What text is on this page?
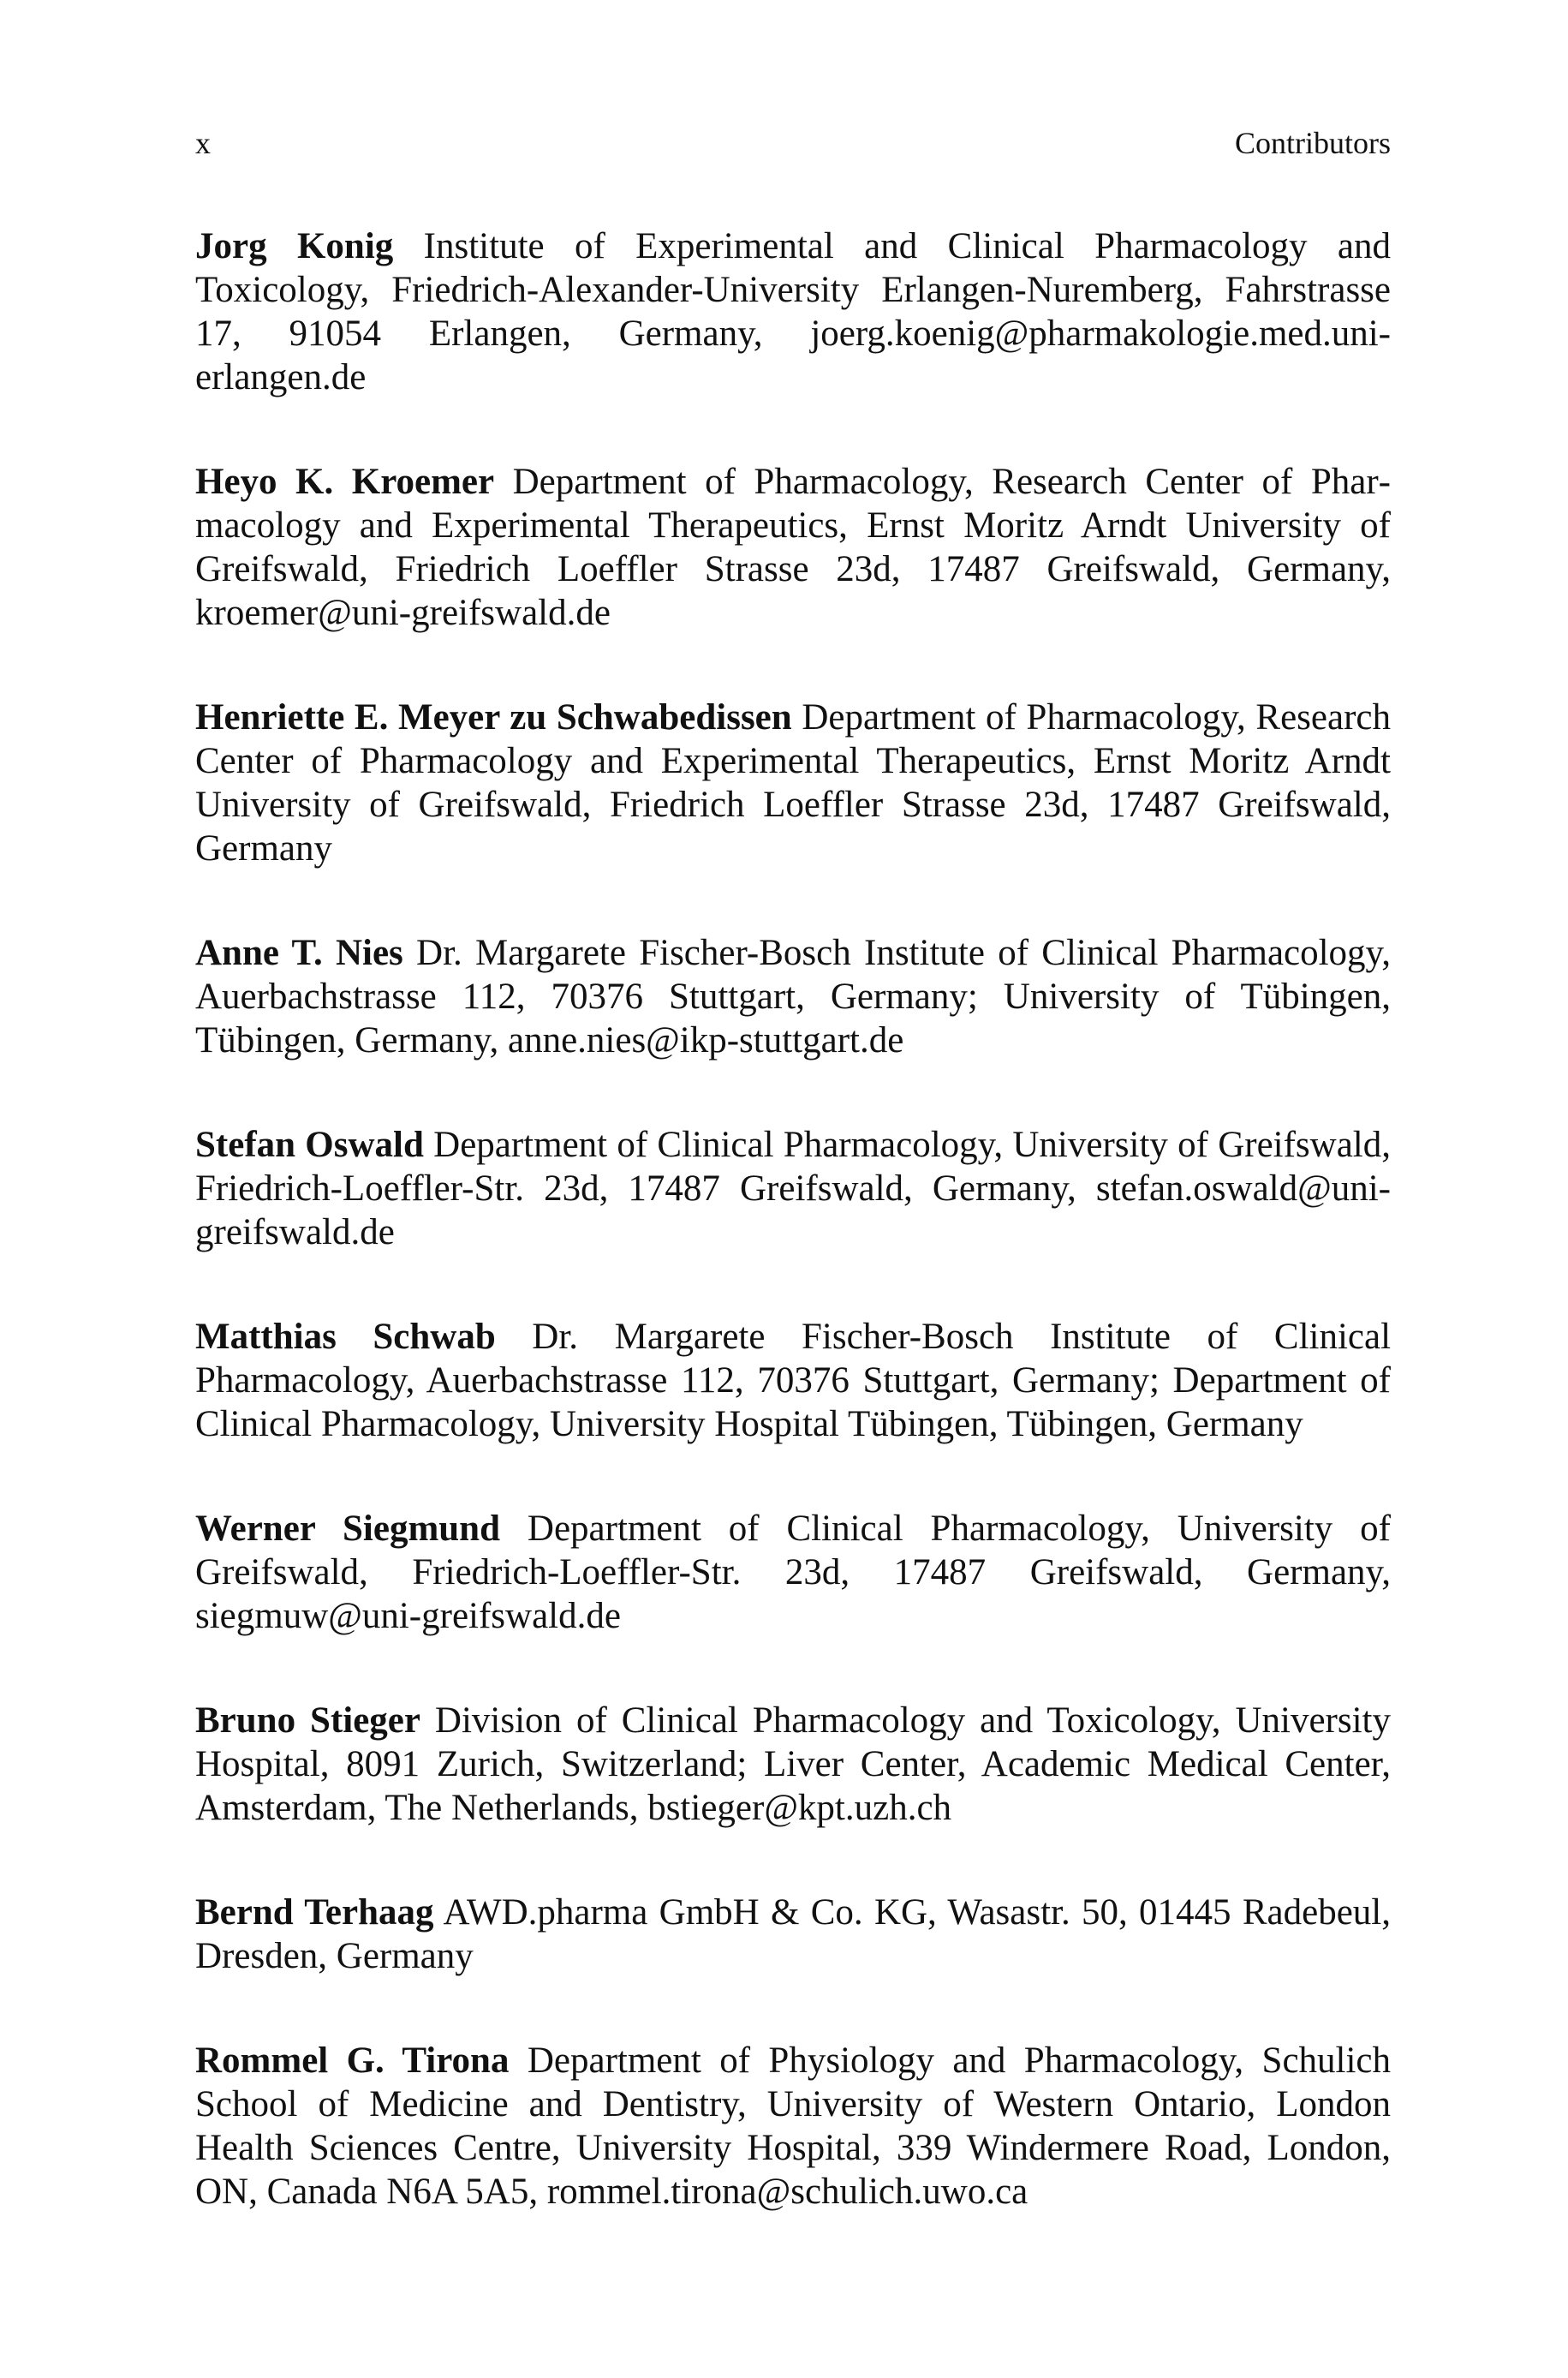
x	Contributors

Jorg Konig Institute of Experimental and Clinical Pharmacology and Toxicology, Friedrich-Alexander-University Erlangen-Nuremberg, Fahrstrasse 17, 91054 Erlangen, Germany, joerg.koenig@pharmakologie.med.uni-erlangen.de

Heyo K. Kroemer Department of Pharmacology, Research Center of Pharmacology and Experimental Therapeutics, Ernst Moritz Arndt University of Greifswald, Friedrich Loeffler Strasse 23d, 17487 Greifswald, Germany, kroemer@uni-greifswald.de

Henriette E. Meyer zu Schwabedissen Department of Pharmacology, Research Center of Pharmacology and Experimental Therapeutics, Ernst Moritz Arndt University of Greifswald, Friedrich Loeffler Strasse 23d, 17487 Greifswald, Germany

Anne T. Nies Dr. Margarete Fischer-Bosch Institute of Clinical Pharmacology, Auerbachstrasse 112, 70376 Stuttgart, Germany; University of Tübingen, Tübingen, Germany, anne.nies@ikp-stuttgart.de

Stefan Oswald Department of Clinical Pharmacology, University of Greifswald, Friedrich-Loeffler-Str. 23d, 17487 Greifswald, Germany, stefan.oswald@uni-greifswald.de

Matthias Schwab Dr. Margarete Fischer-Bosch Institute of Clinical Pharmacology, Auerbachstrasse 112, 70376 Stuttgart, Germany; Department of Clinical Pharmacology, University Hospital Tübingen, Tübingen, Germany

Werner Siegmund Department of Clinical Pharmacology, University of Greifswald, Friedrich-Loeffler-Str. 23d, 17487 Greifswald, Germany, siegmuw@uni-greifswald.de

Bruno Stieger Division of Clinical Pharmacology and Toxicology, University Hospital, 8091 Zurich, Switzerland; Liver Center, Academic Medical Center, Amsterdam, The Netherlands, bstieger@kpt.uzh.ch

Bernd Terhaag AWD.pharma GmbH & Co. KG, Wasastr. 50, 01445 Radebeul, Dresden, Germany

Rommel G. Tirona Department of Physiology and Pharmacology, Schulich School of Medicine and Dentistry, University of Western Ontario, London Health Sciences Centre, University Hospital, 339 Windermere Road, London, ON, Canada N6A 5A5, rommel.tirona@schulich.uwo.ca
